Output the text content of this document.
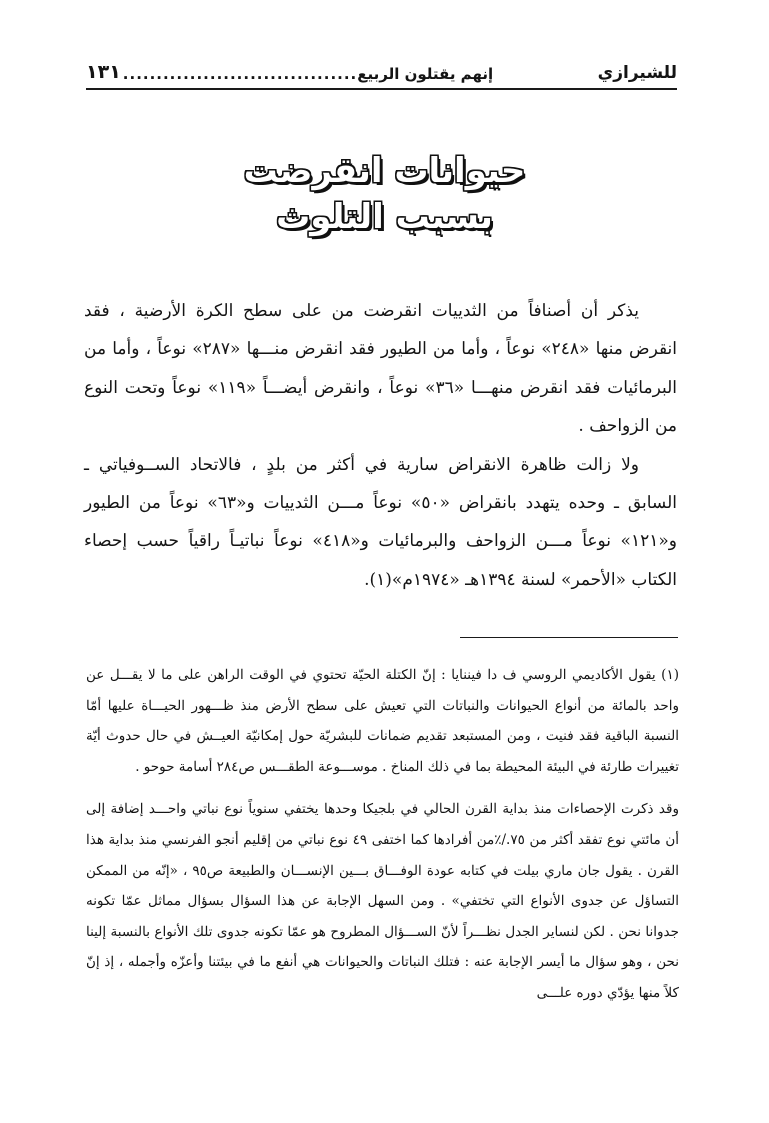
للشيرازي
إنهم يقتلون الربيع
...................................
١٣١
حيوانات انقرضت
بسبب التلوث

يذكر أن أصنافاً من الثدييات انقرضت من على سطح الكرة الأرضية ، فقد انقرض منها «٢٤٨» نوعاً ، وأما من الطيور فقد انقرض منـــها «٢٨٧» نوعاً ، وأما من البرمائيات فقد انقرض منهـــا «٣٦» نوعاً ، وانقرض أيضـــاً «١١٩» نوعاً وتحت النوع من الزواحف .

ولا زالت ظاهرة الانقراض سارية في أكثر من بلدٍ ، فالاتحاد الســوفياتي ـ السابق ـ وحده يتهدد بانقراض «٥٠» نوعاً مـــن الثدييات و«٦٣» نوعاً من الطيور و«١٢١» نوعاً مـــن الزواحف والبرمائيات و«٤١٨» نوعاً نباتيـاً راقياً حسب إحصاء الكتاب «الأحمر» لسنة ١٣٩٤هـ «١٩٧٤م»(١).

(١) يقول الأكاديمي الروسي ف دا فيننايا : إنّ الكتلة الحيّة تحتوي في الوقت الراهن على ما لا يقـــل عن واحد بالمائة من أنواع الحيوانات والنباتات التي تعيش على سطح الأرض منذ ظـــهور الحيـــاة عليها أمّا النسبة الباقية فقد فنيت ، ومن المستبعد تقديم ضمانات للبشريّة حول إمكانيّة العيــش في حال حدوث أيّة تغييرات طارئة في البيئة المحيطة بما في ذلك المناخ . موســـوعة الطقـــس ص٢٨٤ أسامة حوحو .

وقد ذكرت الإحصاءات منذ بداية القرن الحالي في بلجيكا وحدها يختفي سنوياً نوع نباتي واحـــد إضافة إلى أن مائتي نوع تفقد أكثر من ٧٥./٪من أفرادها كما اختفى ٤٩ نوع نباتي من إقليم أنجو الفرنسي منذ بداية هذا القرن . يقول جان ماري بيلت في كتابه عودة الوفـــاق بـــين الإنســـان والطبيعة ص٩٥ ، «إنّه من الممكن التساؤل عن جدوى الأنواع التي تختفي» . ومن السهل الإجابة عن هذا السؤال بسؤال مماثل عمّا تكونه جدوانا نحن . لكن لنساير الجدل نظـــراً لأنّ الســـؤال المطروح هو عمّا تكونه جدوى تلك الأنواع بالنسبة إلينا نحن ، وهو سؤال ما أيسر الإجابة عنه : فتلك النباتات والحيوانات هي أنفع ما في بيئتنا وأعزّه وأجمله ، إذ إنّ كلاً منها يؤدّي دوره علـــى
